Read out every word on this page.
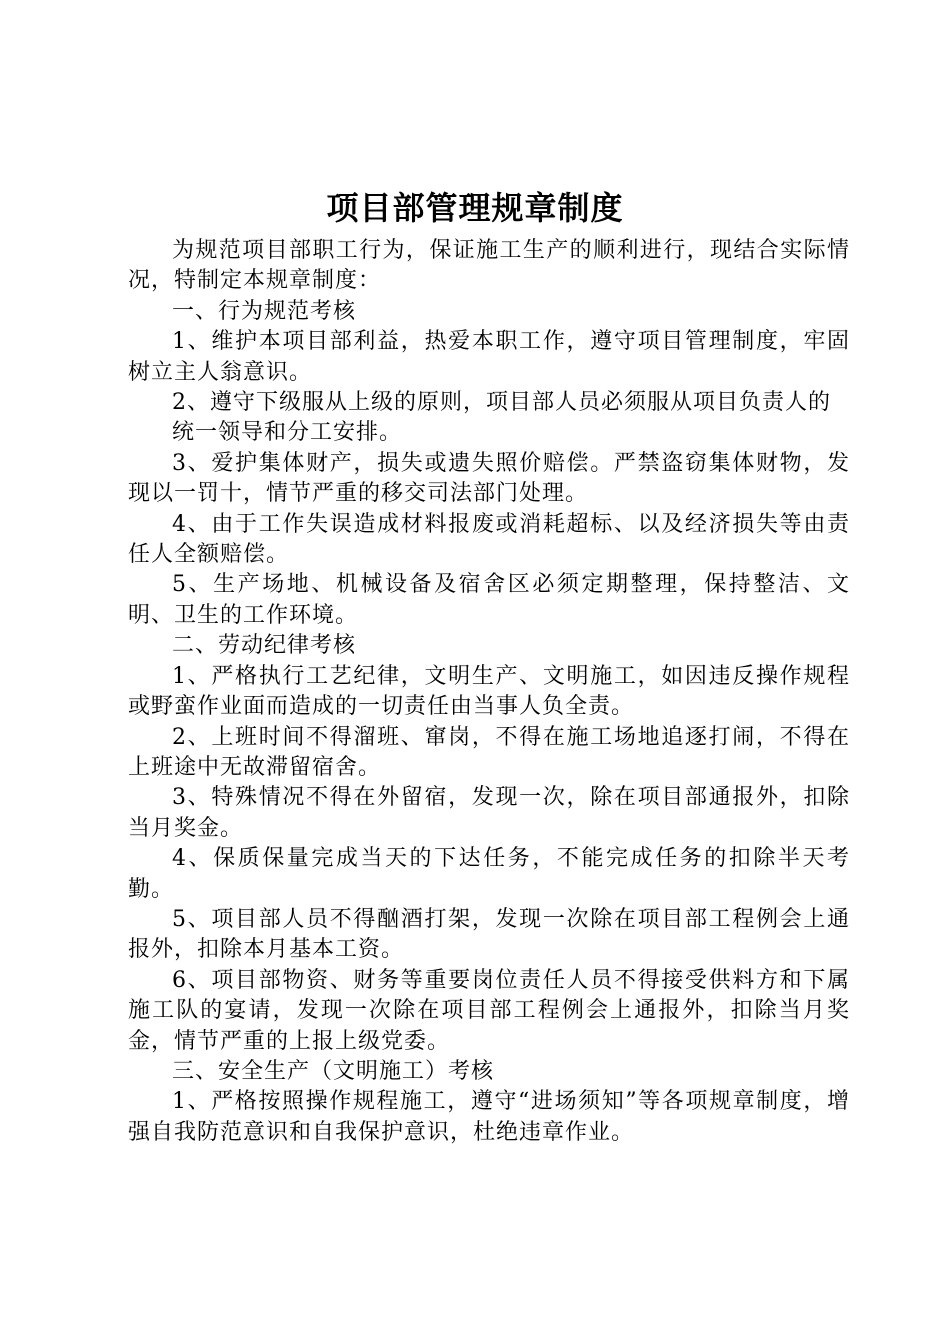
项目部管理规章制度

为规范项目部职工行为，保证施工生产的顺利进行，现结合实际情况，特制定本规章制度：

一、行为规范考核

1、维护本项目部利益，热爱本职工作，遵守项目管理制度，牢固树立主人翁意识。

2、遵守下级服从上级的原则，项目部人员必须服从项目负责人的

统一领导和分工安排。

3、爱护集体财产，损失或遗失照价赔偿。严禁盗窃集体财物，发现以一罚十，情节严重的移交司法部门处理。

4、由于工作失误造成材料报废或消耗超标、以及经济损失等由责任人全额赔偿。

5、生产场地、机械设备及宿舍区必须定期整理，保持整洁、文明、卫生的工作环境。

二、劳动纪律考核

1、严格执行工艺纪律，文明生产、文明施工，如因违反操作规程或野蛮作业面而造成的一切责任由当事人负全责。

2、上班时间不得溜班、窜岗，不得在施工场地追逐打闹，不得在上班途中无故滞留宿舍。

3、特殊情况不得在外留宿，发现一次，除在项目部通报外，扣除当月奖金。

4、保质保量完成当天的下达任务，不能完成任务的扣除半天考勤。

5、项目部人员不得酗酒打架，发现一次除在项目部工程例会上通报外，扣除本月基本工资。

6、项目部物资、财务等重要岗位责任人员不得接受供料方和下属施工队的宴请，发现一次除在项目部工程例会上通报外，扣除当月奖金，情节严重的上报上级党委。

三、安全生产（文明施工）考核

1、严格按照操作规程施工，遵守“进场须知”等各项规章制度，增强自我防范意识和自我保护意识，杜绝违章作业。
